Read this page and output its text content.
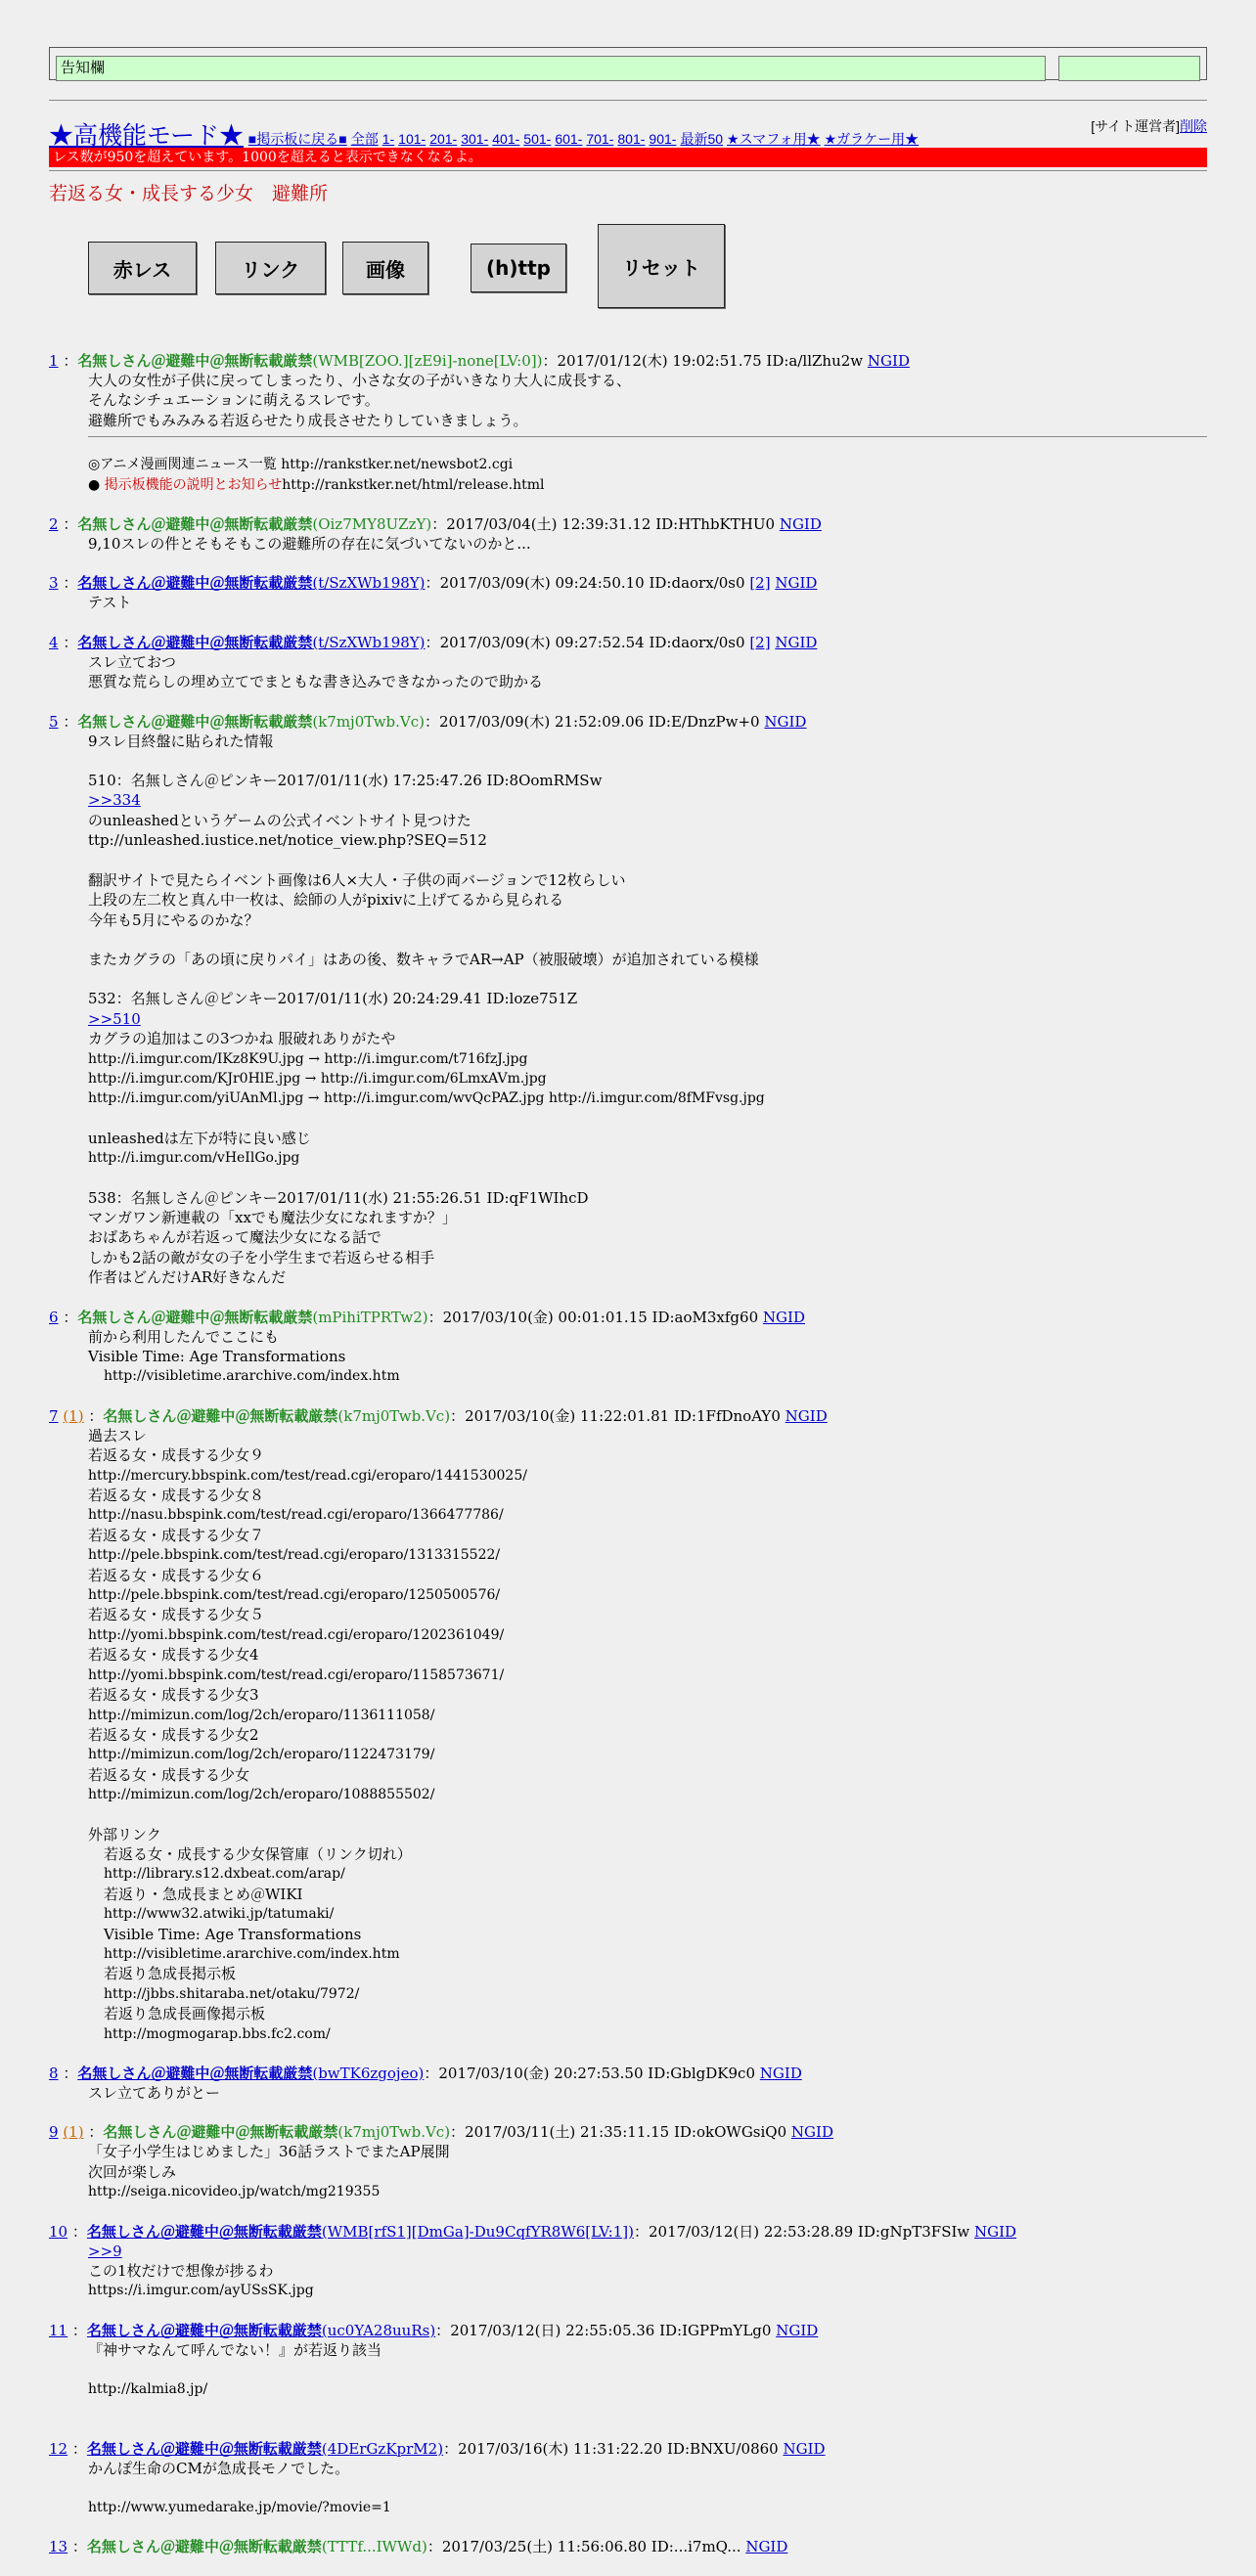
告知欄
★高機能モード★ ■掲示板に戻る■ 全部 1- 101- 201- 301- 401- 501- 601- 701- 801- 901- 最新50 ★スマフォ用★ ★ガラケー用★
[サイト運営者]削除
レス数が950を超えています。1000を超えると表示できなくなるよ。
若返る女・成長する少女　避難所
赤レス	リンク	画像	(h)ttp	リセット
1 ：名無しさん＠避難中＠無断転載厳禁(WMB[ZOO.][zE9i]-none[LV:0])：2017/01/12(木) 19:02:51.75 ID:a/llZhu2w NGID
大人の女性が子供に戻ってしまったり、小さな女の子がいきなり大人に成長する、
そんなシチュエーションに萌えるスレです。
避難所でもみみみる若返らせたり成長させたりしていきましょう。
◎アニメ漫画関連ニュース一覧 http://rankstker.net/newsbot2.cgi
● 掲示板機能の説明とお知らせhttp://rankstker.net/html/release.html
2 ：名無しさん＠避難中＠無断転載厳禁(Oiz7MY8UZzY)：2017/03/04(土) 12:39:31.12 ID:HThbKTHU0 NGID
9,10スレの件とそもそもこの避難所の存在に気づいてないのかと...
3 ：名無しさん＠避難中＠無断転載厳禁(t/SzXWb198Y)：2017/03/09(木) 09:24:50.10 ID:daorx/0s0 [2] NGID
テスト
4 ：名無しさん＠避難中＠無断転載厳禁(t/SzXWb198Y)：2017/03/09(木) 09:27:52.54 ID:daorx/0s0 [2] NGID
スレ立ておつ
悪質な荒らしの埋め立てでまともな書き込みできなかったので助かる
5 ：名無しさん＠避難中＠無断転載厳禁(k7mj0Twb.Vc)：2017/03/09(木) 21:52:09.06 ID:E/DnzPw+0 NGID
9スレ目終盤に貼られた情報
510：名無しさん＠ピンキー2017/01/11(水) 17:25:47.26 ID:8OomRMSw
>>334
のunleashedというゲームの公式イベントサイト見つけた
ttp://unleashed.iustice.net/notice_view.php?SEQ=512
翻訳サイトで見たらイベント画像は6人×大人・子供の両バージョンで12枚らしい
上段の左二枚と真ん中一枚は、絵師の人がpixivに上げてるから見られる
今年も5月にやるのかな？
またカグラの「あの頃に戻りパイ」はあの後、数キャラでAR→AP（被服破壊）が追加されている模様
532：名無しさん＠ピンキー2017/01/11(水) 20:24:29.41 ID:loze751Z
>>510
カグラの追加はこの3つかね 服破れありがたや
http://i.imgur.com/IKz8K9U.jpg → http://i.imgur.com/t716fzJ.jpg
http://i.imgur.com/KJr0HlE.jpg → http://i.imgur.com/6LmxAVm.jpg
http://i.imgur.com/yiUAnMl.jpg → http://i.imgur.com/wvQcPAZ.jpg http://i.imgur.com/8fMFvsg.jpg
unleashedは左下が特に良い感じ
http://i.imgur.com/vHeIlGo.jpg
538：名無しさん＠ピンキー2017/01/11(水) 21:55:26.51 ID:qF1WIhcD
マンガワン新連載の「xxでも魔法少女になれますか？」
おばあちゃんが若返って魔法少女になる話で
しかも2話の敵が女の子を小学生まで若返らせる相手
作者はどんだけAR好きなんだ
6 ：名無しさん＠避難中＠無断転載厳禁(mPihiTPRTw2)：2017/03/10(金) 00:01:01.15 ID:aoM3xfg60 NGID
前から利用したんでここにも
Visible Time: Age Transformations
http://visibletime.ararchive.com/index.htm
7 (1) ：名無しさん＠避難中＠無断転載厳禁(k7mj0Twb.Vc)：2017/03/10(金) 11:22:01.81 ID:1FfDnoAY0 NGID
過去スレ
若返る女・成長する少女９
http://mercury.bbspink.com/test/read.cgi/eroparo/1441530025/
若返る女・成長する少女８
http://nasu.bbspink.com/test/read.cgi/eroparo/1366477786/
若返る女・成長する少女７
http://pele.bbspink.com/test/read.cgi/eroparo/1313315522/
若返る女・成長する少女６
http://pele.bbspink.com/test/read.cgi/eroparo/1250500576/
若返る女・成長する少女５
http://yomi.bbspink.com/test/read.cgi/eroparo/1202361049/
若返る女・成長する少女4
http://yomi.bbspink.com/test/read.cgi/eroparo/1158573671/
若返る女・成長する少女3
http://mimizun.com/log/2ch/eroparo/1136111058/
若返る女・成長する少女2
http://mimizun.com/log/2ch/eroparo/1122473179/
若返る女・成長する少女
http://mimizun.com/log/2ch/eroparo/1088855502/
外部リンク
若返る女・成長する少女保管庫（リンク切れ）
http://library.s12.dxbeat.com/arap/
若返り・急成長まとめ＠WIKI
http://www32.atwiki.jp/tatumaki/
Visible Time: Age Transformations
http://visibletime.ararchive.com/index.htm
若返り急成長掲示板
http://jbbs.shitaraba.net/otaku/7972/
若返り急成長画像掲示板
http://mogmogarap.bbs.fc2.com/
8 ：名無しさん＠避難中＠無断転載厳禁(bwTK6zgojeo)：2017/03/10(金) 20:27:53.50 ID:GblgDK9c0 NGID
スレ立てありがとー
9 (1) ：名無しさん＠避難中＠無断転載厳禁(k7mj0Twb.Vc)：2017/03/11(土) 21:35:11.15 ID:okOWGsiQ0 NGID
「女子小学生はじめました」36話ラストでまたAP展開
次回が楽しみ
http://seiga.nicovideo.jp/watch/mg219355
10 ：名無しさん＠避難中＠無断転載厳禁(WMB[rfS1][DmGa]-Du9CqfYR8W6[LV:1])：2017/03/12(日) 22:53:28.89 ID:gNpT3FSIw NGID
>>9
この1枚だけで想像が捗るわ
https://i.imgur.com/ayUSsSK.jpg
11 ：名無しさん＠避難中＠無断転載厳禁(uc0YA28uuRs)：2017/03/12(日) 22:55:05.36 ID:IGPPmYLg0 NGID
『神サマなんて呼んでない！』が若返り該当
http://kalmia8.jp/
12 ：名無しさん＠避難中＠無断転載厳禁(4DErGzKprM2)：2017/03/16(木) 11:31:22.20 ID:BNXU/0860 NGID
かんぽ生命のCMが急成長モノでした。
http://www.yumedarake.jp/movie/?movie=1
13 ：名無しさん＠避難中＠無断転載厳禁(TTTf...IWWd)：2017/03/25(土) 11:56:06.80 ID:...i7mQ... NGID
